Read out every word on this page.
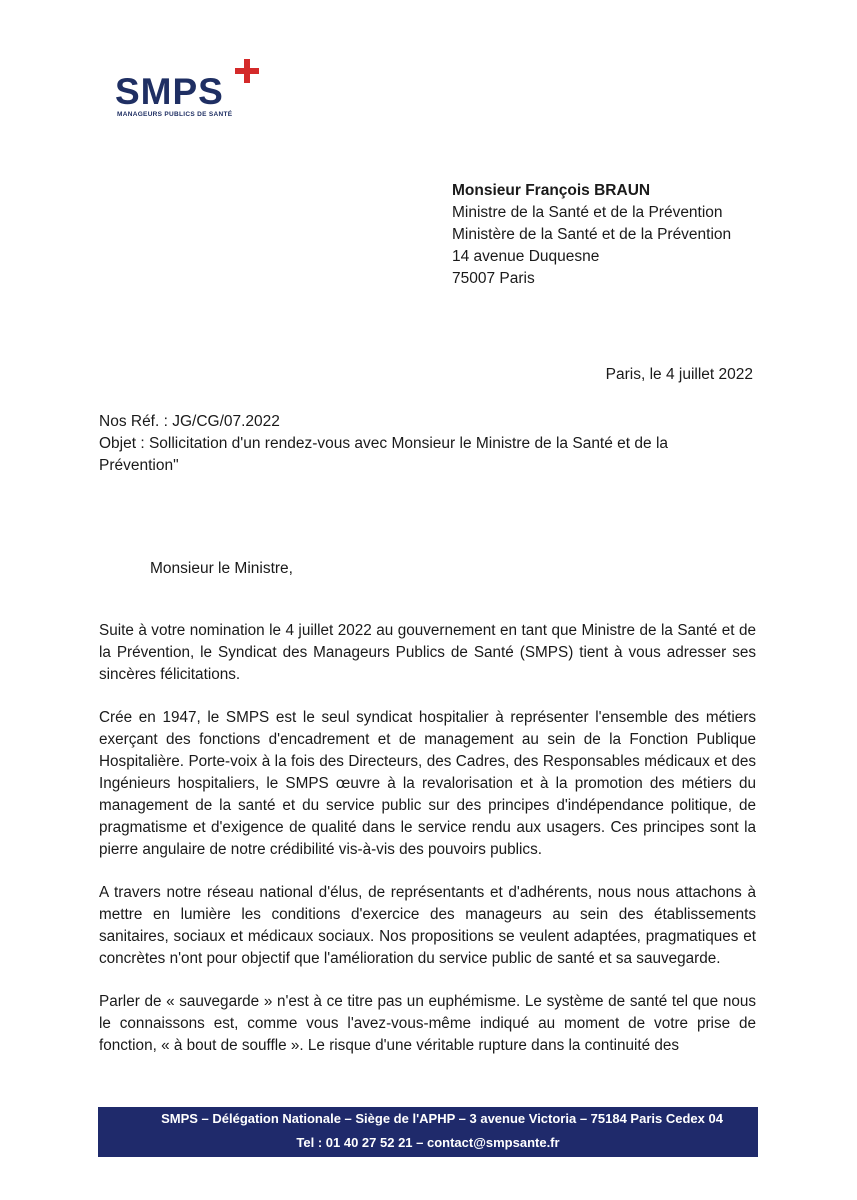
SMPS
MANAGEURS PUBLICS DE SANTÉ
Monsieur François BRAUN
Ministre de la Santé et de la Prévention
Ministère de la Santé et de la Prévention
14 avenue Duquesne
75007 Paris
Paris, le 4 juillet 2022
Nos Réf. : JG/CG/07.2022
Objet : Sollicitation d'un rendez-vous avec Monsieur le Ministre de la Santé et de la Prévention"
Monsieur le Ministre,

Suite à votre nomination le 4 juillet 2022 au gouvernement en tant que Ministre de la Santé et de la Prévention, le Syndicat des Manageurs Publics de Santé (SMPS) tient à vous adresser ses sincères félicitations.

Crée en 1947, le SMPS est le seul syndicat hospitalier à représenter l'ensemble des métiers exerçant des fonctions d'encadrement et de management au sein de la Fonction Publique Hospitalière. Porte-voix à la fois des Directeurs, des Cadres, des Responsables médicaux et des Ingénieurs hospitaliers, le SMPS œuvre à la revalorisation et à la promotion des métiers du management de la santé et du service public sur des principes d'indépendance politique, de pragmatisme et d'exigence de qualité dans le service rendu aux usagers. Ces principes sont la pierre angulaire de notre crédibilité vis-à-vis des pouvoirs publics.

A travers notre réseau national d'élus, de représentants et d'adhérents, nous nous attachons à mettre en lumière les conditions d'exercice des manageurs au sein des établissements sanitaires, sociaux et médicaux sociaux. Nos propositions se veulent adaptées, pragmatiques et concrètes n'ont pour objectif que l'amélioration du service public de santé et sa sauvegarde.

Parler de « sauvegarde » n'est à ce titre pas un euphémisme. Le système de santé tel que nous le connaissons est, comme vous l'avez-vous-même indiqué au moment de votre prise de fonction, « à bout de souffle ». Le risque d'une véritable rupture dans la continuité des

SMPS – Délégation Nationale – Siège de l'APHP – 3 avenue Victoria – 75184 Paris Cedex 04
Tel : 01 40 27 52 21 – contact@smpsante.fr
